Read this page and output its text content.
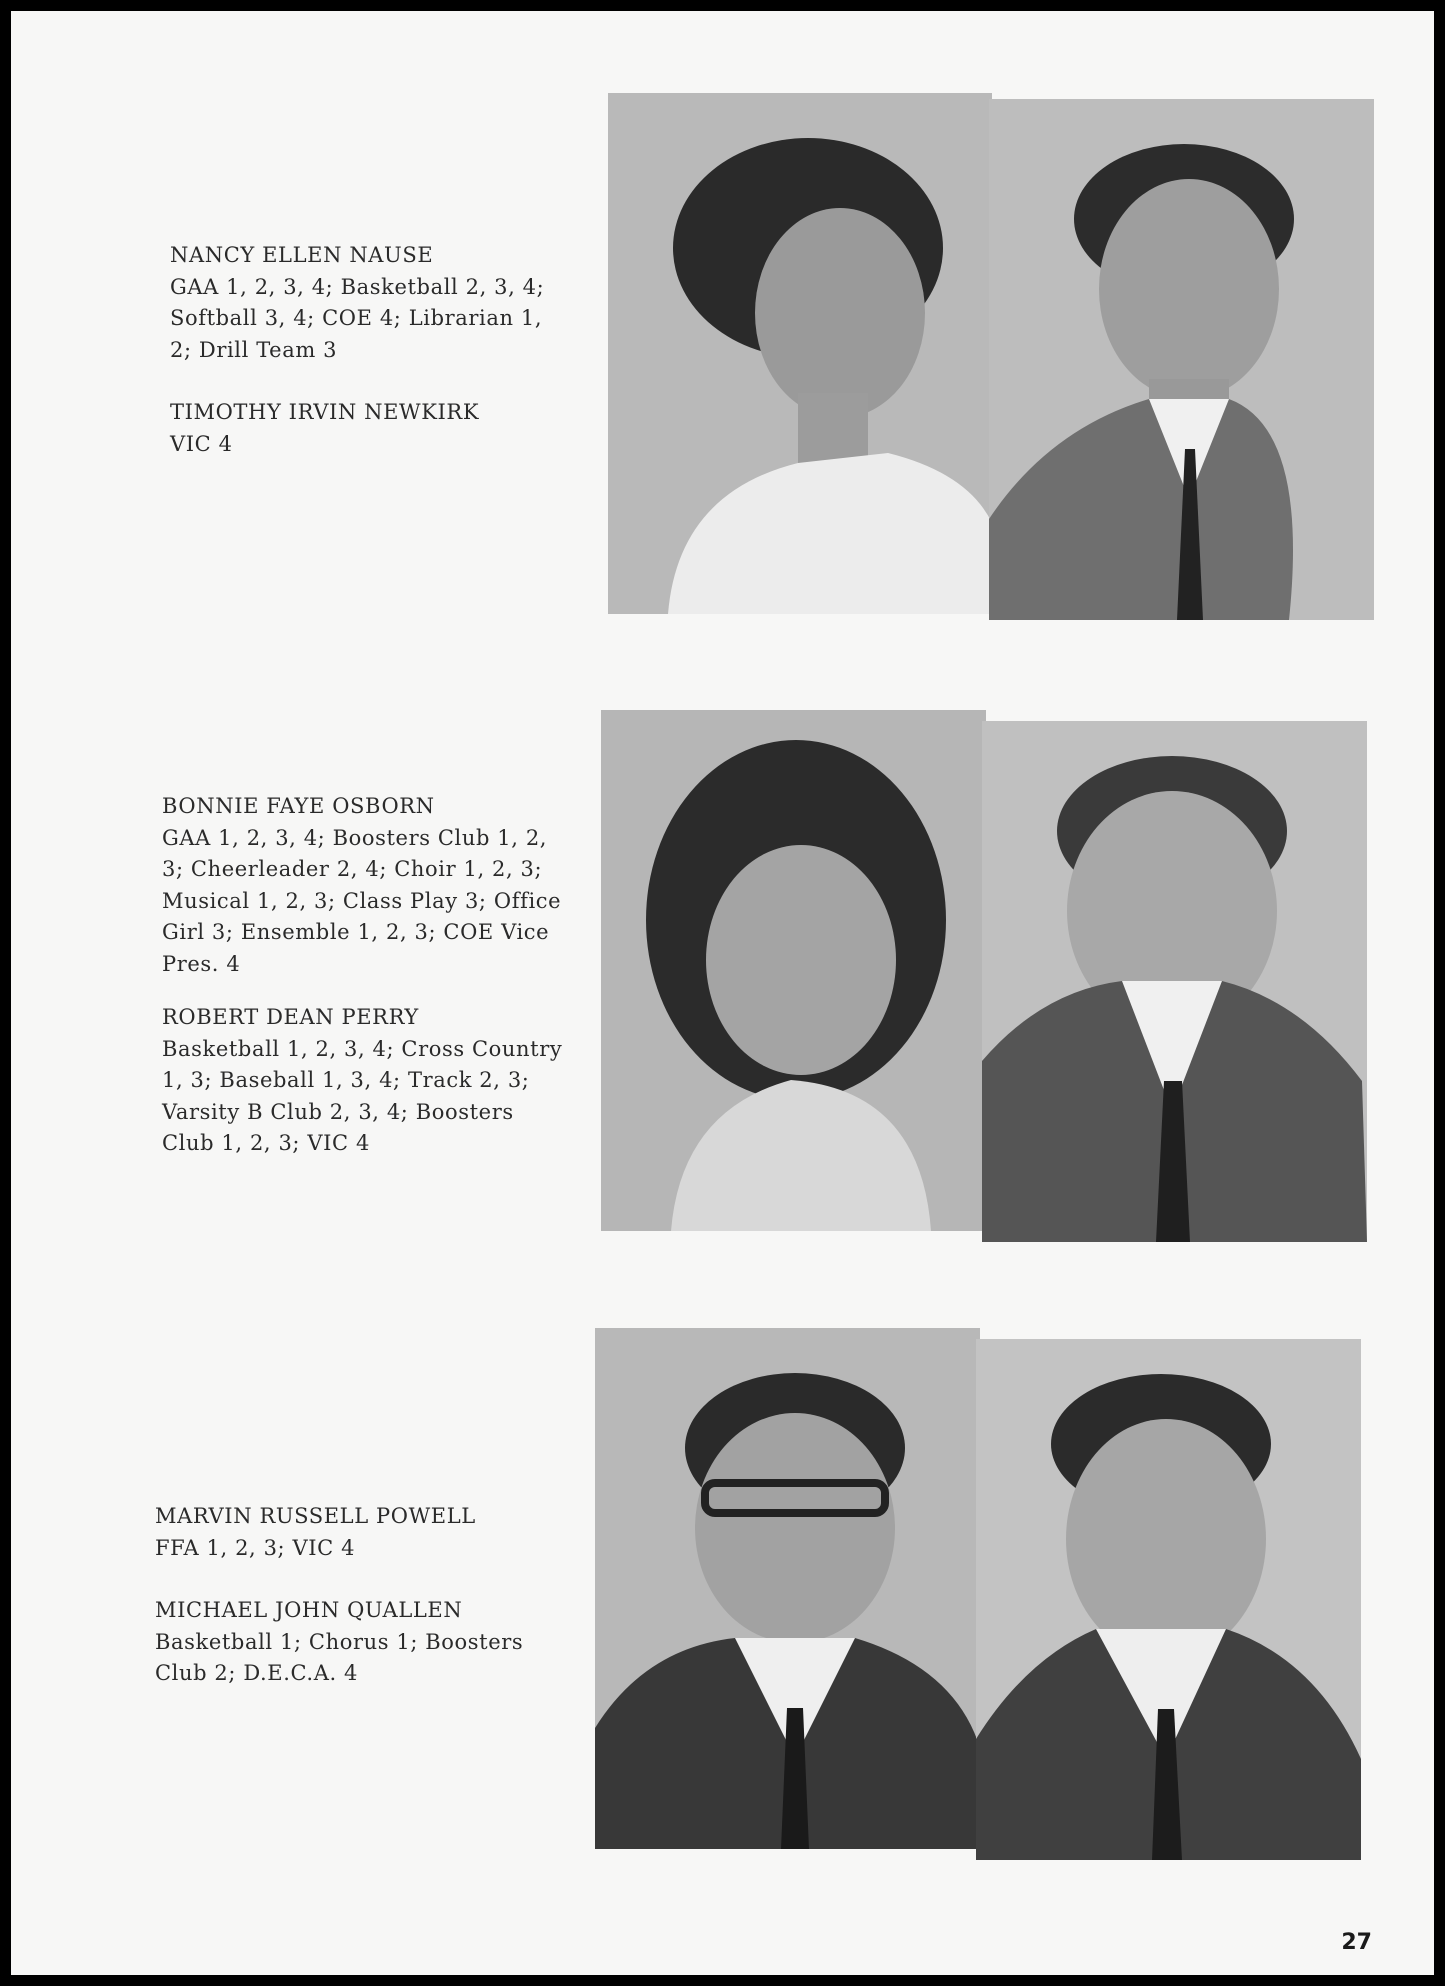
NANCY ELLEN NAUSE
GAA 1, 2, 3, 4; Basketball 2, 3, 4; Softball 3, 4; COE 4; Librarian 1, 2; Drill Team 3
TIMOTHY IRVIN NEWKIRK
VIC 4
BONNIE FAYE OSBORN
GAA 1, 2, 3, 4; Boosters Club 1, 2, 3; Cheerleader 2, 4; Choir 1, 2, 3; Musical 1, 2, 3; Class Play 3; Office Girl 3; Ensemble 1, 2, 3; COE Vice Pres. 4
ROBERT DEAN PERRY
Basketball 1, 2, 3, 4; Cross Country 1, 3; Baseball 1, 3, 4; Track 2, 3; Varsity B Club 2, 3, 4; Boosters Club 1, 2, 3; VIC 4
MARVIN RUSSELL POWELL
FFA 1, 2, 3; VIC 4
MICHAEL JOHN QUALLEN
Basketball 1; Chorus 1; Boosters Club 2; D.E.C.A. 4
27
